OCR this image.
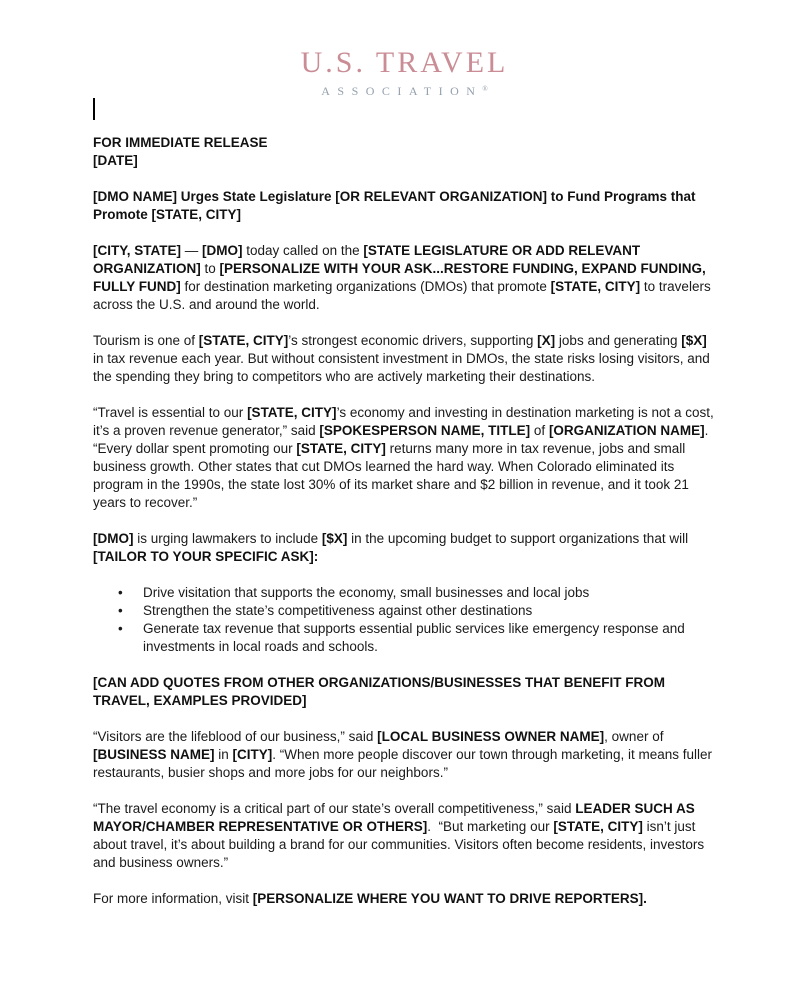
U.S. TRAVEL
ASSOCIATION®

FOR IMMEDIATE RELEASE

[DATE]

[DMO NAME] Urges State Legislature [OR RELEVANT ORGANIZATION] to Fund Programs that Promote [STATE, CITY]

[CITY, STATE] — [DMO] today called on the [STATE LEGISLATURE OR ADD RELEVANT ORGANIZATION] to [PERSONALIZE WITH YOUR ASK...RESTORE FUNDING, EXPAND FUNDING, FULLY FUND] for destination marketing organizations (DMOs) that promote [STATE, CITY] to travelers across the U.S. and around the world.

Tourism is one of [STATE, CITY]’s strongest economic drivers, supporting [X] jobs and generating [$X] in tax revenue each year. But without consistent investment in DMOs, the state risks losing visitors, and the spending they bring to competitors who are actively marketing their destinations.

“Travel is essential to our [STATE, CITY]’s economy and investing in destination marketing is not a cost, it’s a proven revenue generator,” said [SPOKESPERSON NAME, TITLE] of [ORGANIZATION NAME]. “Every dollar spent promoting our [STATE, CITY] returns many more in tax revenue, jobs and small business growth. Other states that cut DMOs learned the hard way. When Colorado eliminated its program in the 1990s, the state lost 30% of its market share and $2 billion in revenue, and it took 21 years to recover.”

[DMO] is urging lawmakers to include [$X] in the upcoming budget to support organizations that will [TAILOR TO YOUR SPECIFIC ASK]:

• Drive visitation that supports the economy, small businesses and local jobs
• Strengthen the state’s competitiveness against other destinations
• Generate tax revenue that supports essential public services like emergency response and investments in local roads and schools.

[CAN ADD QUOTES FROM OTHER ORGANIZATIONS/BUSINESSES THAT BENEFIT FROM TRAVEL, EXAMPLES PROVIDED]

“Visitors are the lifeblood of our business,” said [LOCAL BUSINESS OWNER NAME], owner of [BUSINESS NAME] in [CITY]. “When more people discover our town through marketing, it means fuller restaurants, busier shops and more jobs for our neighbors.”

“The travel economy is a critical part of our state’s overall competitiveness,” said LEADER SUCH AS MAYOR/CHAMBER REPRESENTATIVE OR OTHERS].  “But marketing our [STATE, CITY] isn’t just about travel, it’s about building a brand for our communities. Visitors often become residents, investors and business owners.”

For more information, visit [PERSONALIZE WHERE YOU WANT TO DRIVE REPORTERS].
